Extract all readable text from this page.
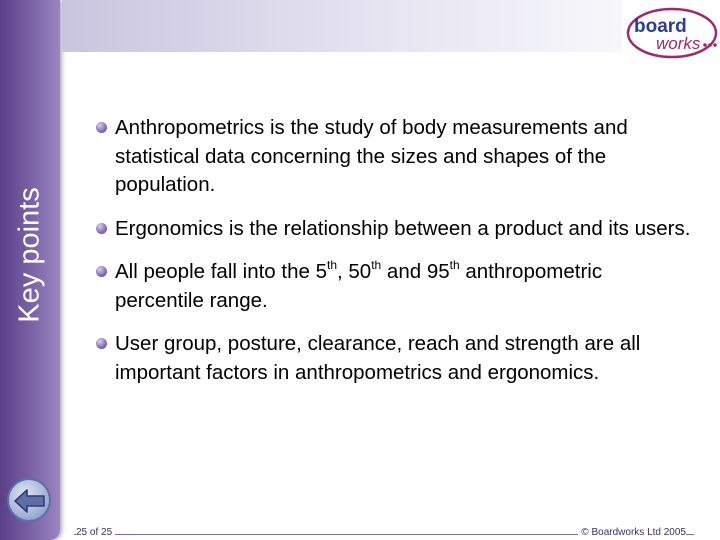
Key points
board
works
Anthropometrics is the study of body measurements and statistical data concerning the sizes and shapes of the population.
Ergonomics is the relationship between a product and its users.
All people fall into the 5th, 50th and 95th anthropometric percentile range.
User group, posture, clearance, reach and strength are all important factors in anthropometrics and ergonomics.
25 of 25	© Boardworks Ltd 2005
